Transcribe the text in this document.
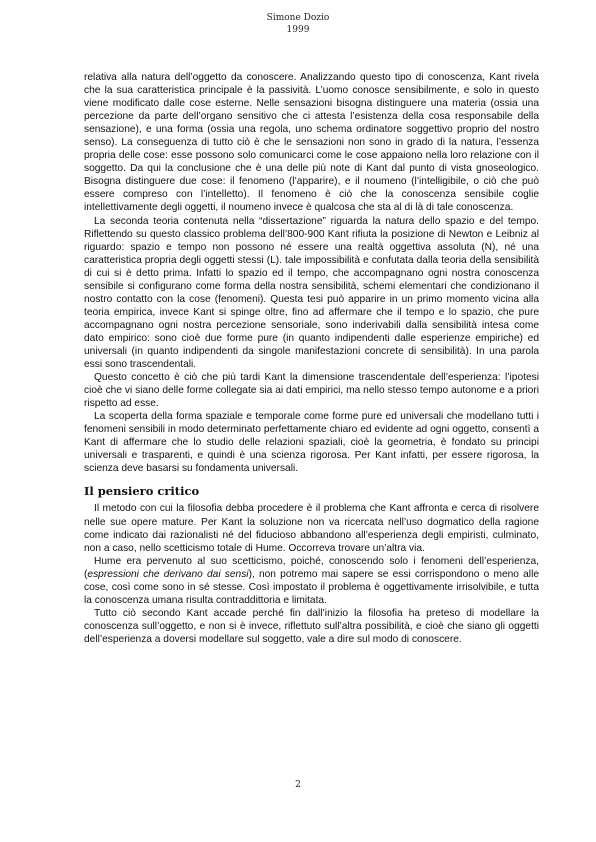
Simone Dozio
1999

relativa alla natura dell’oggetto da conoscere. Analizzando questo tipo di conoscenza, Kant rivela che la sua caratteristica principale è la passività. L’uomo conosce sensibilmente, e solo in questo viene modificato dalle cose esterne. Nelle sensazioni bisogna distinguere una materia (ossia una percezione da parte dell’organo sensitivo che ci attesta l’esistenza della cosa responsabile della sensazione), e una forma (ossia una regola, uno schema ordinatore soggettivo proprio del nostro senso). La conseguenza di tutto ciò è che le sensazioni non sono in grado di la natura, l’essenza propria delle cose: esse possono solo comunicarci come le cose appaiono nella loro relazione con il soggetto. Da qui la conclusione che è una delle più note di Kant dal punto di vista gnoseologico. Bisogna distinguere due cose: il fenomeno (l’apparire), e il noumeno (l’intelligibile, o ciò che può essere compreso con l’intelletto). Il fenomeno è ciò che la conoscenza sensibile coglie intellettivamente degli oggetti, il noumeno invece è qualcosa che sta al di là di tale conoscenza.

La seconda teoria contenuta nella “dissertazione” riguarda la natura dello spazio e del tempo. Riflettendo su questo classico problema dell’800-900 Kant rifiuta la posizione di Newton e Leibniz al riguardo: spazio e tempo non possono né essere una realtà oggettiva assoluta (N), né una caratteristica propria degli oggetti stessi (L). tale impossibilità e confutata dalla teoria della sensibilità di cui si è detto prima. Infatti lo spazio ed il tempo, che accompagnano ogni nostra conoscenza sensibile si configurano come forma della nostra sensibilità, schemi elementari che condizionano il nostro contatto con la cose (fenomeni). Questa tesi può apparire in un primo momento vicina alla teoria empirica, invece Kant si spinge oltre, fino ad affermare che il tempo e lo spazio, che pure accompagnano ogni nostra percezione sensoriale, sono inderivabili dalla sensibilità intesa come dato empirico: sono cioè due forme pure (in quanto indipendenti dalle esperienze empiriche) ed universali (in quanto indipendenti da singole manifestazioni concrete di sensibilità). In una parola essi sono trascendentali.

Questo concetto è ciò che più tardi Kant la dimensione trascendentale dell’esperienza: l’ipotesi cioè che vi siano delle forme collegate sia ai dati empirici, ma nello stesso tempo autonome e a priori rispetto ad esse.

La scoperta della forma spaziale e temporale come forme pure ed universali che modellano tutti i fenomeni sensibili in modo determinato perfettamente chiaro ed evidente ad ogni oggetto, consentì a Kant di affermare che lo studio delle relazioni spaziali, cioè la geometria, è fondato su principi universali e trasparenti, e quindi è una scienza rigorosa. Per Kant infatti, per essere rigorosa, la scienza deve basarsi su fondamenta universali.

Il pensiero critico

Il metodo con cui la filosofia debba procedere è il problema che Kant affronta e cerca di risolvere nelle sue opere mature. Per Kant la soluzione non va ricercata nell’uso dogmatico della ragione come indicato dai razionalisti né del fiducioso abbandono all’esperienza degli empiristi, culminato, non a caso, nello scetticismo totale di Hume. Occorreva trovare un’altra via.

Hume era pervenuto al suo scetticismo, poiché, conoscendo solo i fenomeni dell’esperienza, (espressioni che derivano dai sensi), non potremo mai sapere se essi corrispondono o meno alle cose, così come sono in sé stesse. Così impostato il problema è oggettivamente irrisolvibile, e tutta la conoscenza umana risulta contraddittoria e limitata.

Tutto ciò secondo Kant accade perché fin dall’inizio la filosofia ha preteso di modellare la conoscenza sull’oggetto, e non si è invece, riflettuto sull’altra possibilità, e cioè che siano gli oggetti dell’esperienza a doversi modellare sul soggetto, vale a dire sul modo di conoscere.

2
